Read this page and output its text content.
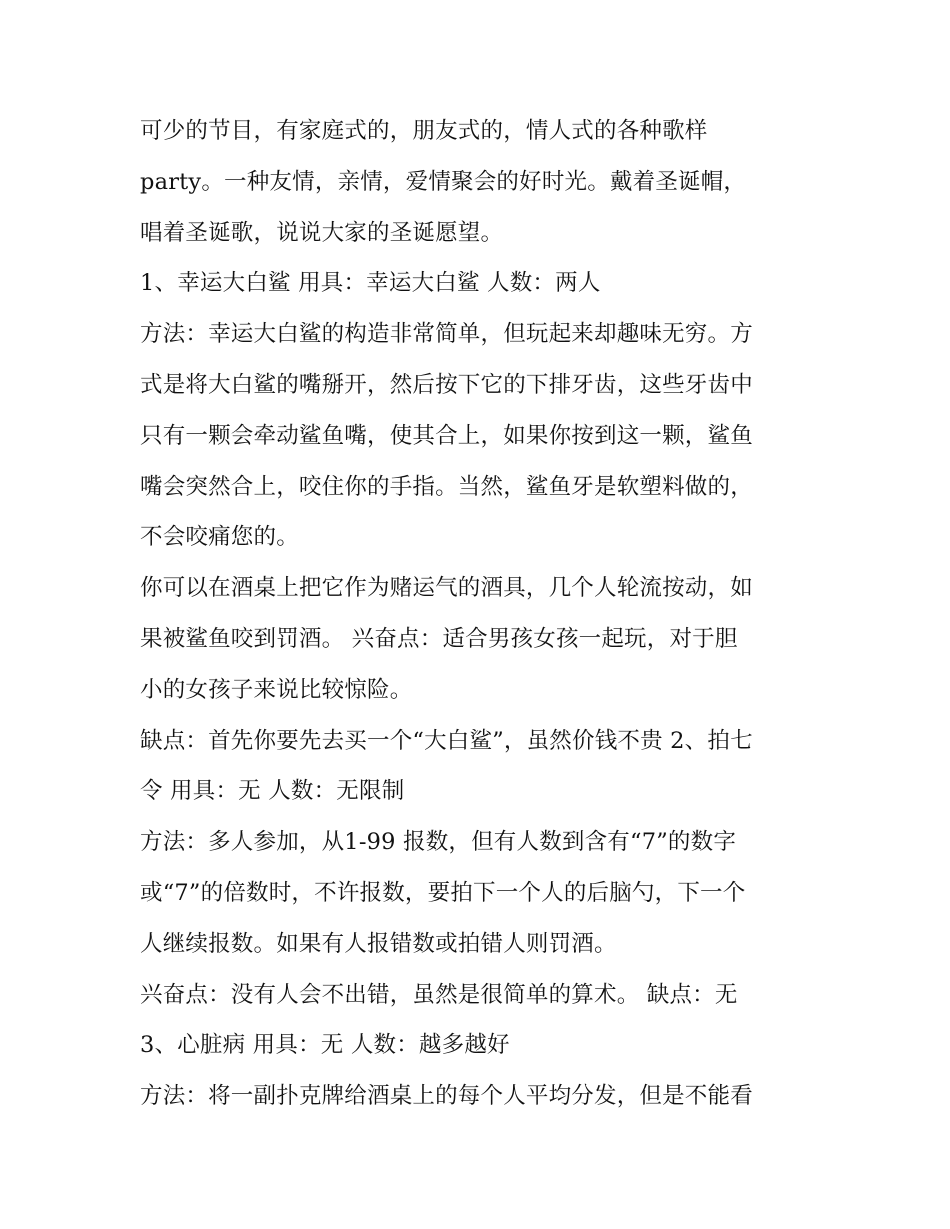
可少的节目，有家庭式的，朋友式的，情人式的各种歌样
party。一种友情，亲情，爱情聚会的好时光。戴着圣诞帽，
唱着圣诞歌，说说大家的圣诞愿望。
1、幸运大白鲨 用具：幸运大白鲨 人数：两人
方法：幸运大白鲨的构造非常简单，但玩起来却趣味无穷。方
式是将大白鲨的嘴掰开，然后按下它的下排牙齿，这些牙齿中
只有一颗会牵动鲨鱼嘴，使其合上，如果你按到这一颗，鲨鱼
嘴会突然合上，咬住你的手指。当然，鲨鱼牙是软塑料做的，
不会咬痛您的。
你可以在酒桌上把它作为赌运气的酒具，几个人轮流按动，如
果被鲨鱼咬到罚酒。 兴奋点：适合男孩女孩一起玩，对于胆
小的女孩子来说比较惊险。
缺点：首先你要先去买一个“大白鲨”，虽然价钱不贵 2、拍七
令 用具：无 人数：无限制
方法：多人参加，从1-99 报数，但有人数到含有“7”的数字
或“7”的倍数时，不许报数，要拍下一个人的后脑勺，下一个
人继续报数。如果有人报错数或拍错人则罚酒。
兴奋点：没有人会不出错，虽然是很简单的算术。 缺点：无
3、心脏病 用具：无 人数：越多越好
方法：将一副扑克牌给酒桌上的每个人平均分发，但是不能看
